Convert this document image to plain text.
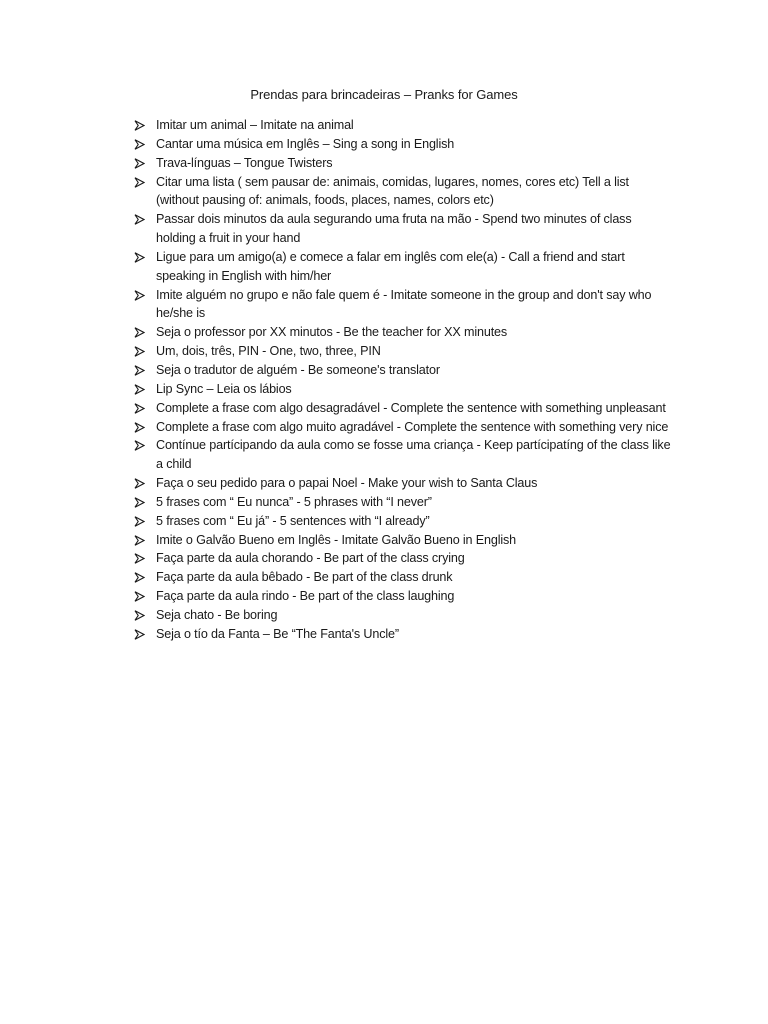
Prendas para brincadeiras – Pranks for Games
Imitar um animal – Imitate na animal
Cantar uma música em Inglês – Sing a song in English
Trava-línguas – Tongue Twisters
Citar uma lista ( sem pausar de: animais, comidas, lugares, nomes, cores etc) Tell a list (without pausing of: animals, foods, places, names, colors etc)
Passar dois minutos da aula segurando uma fruta na mão - Spend two minutes of class holding a fruit in your hand
Ligue para um amigo(a) e comece a falar em inglês com ele(a) - Call a friend and start speaking in English with him/her
Imite alguém no grupo e não fale quem é - Imitate someone in the group and don't say who he/she is
Seja o professor por XX minutos - Be the teacher for XX minutes
Um, dois, três, PIN - One, two, three, PIN
Seja o tradutor de alguém - Be someone's translator
Lip Sync – Leia os lábios
Complete a frase com algo desagradável - Complete the sentence with something unpleasant
Complete a frase com algo muito agradável - Complete the sentence with something very nice
Contínue partícipando da aula como se fosse uma criança - Keep partícipatíng of the class like a child
Faça o seu pedido para o papai Noel - Make your wish to Santa Claus
5 frases com “ Eu nunca” - 5 phrases with “I never”
5 frases com “ Eu já” - 5 sentences with “I already”
Imite o Galvão Bueno em Inglês - Imitate Galvão Bueno in English
Faça parte da aula chorando - Be part of the class crying
Faça parte da aula bêbado - Be part of the class drunk
Faça parte da aula rindo - Be part of the class laughing
Seja chato - Be boring
Seja o tío da Fanta – Be “The Fanta's Uncle”
